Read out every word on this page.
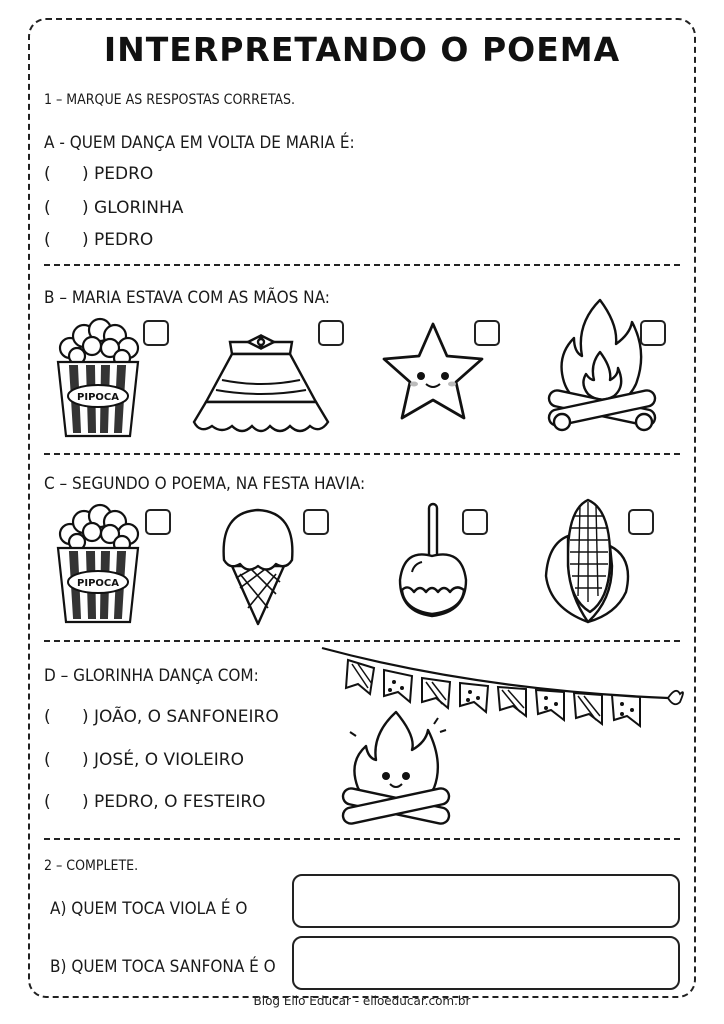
INTERPRETANDO O POEMA
1 – MARQUE AS RESPOSTAS CORRETAS.
A - QUEM DANÇA EM VOLTA DE MARIA É:
( ) PEDRO
( ) GLORINHA
( ) PEDRO
B – MARIA ESTAVA COM AS MÃOS NA:
PIPOCA
C – SEGUNDO O POEMA, NA FESTA HAVIA:
PIPOCA
D – GLORINHA DANÇA COM:
( ) JOÃO, O SANFONEIRO
( ) JOSÉ, O VIOLEIRO
( ) PEDRO, O FESTEIRO
2 – COMPLETE.
A) QUEM TOCA VIOLA É O
B) QUEM TOCA SANFONA É O
Blog Ello Educar - elloeducar.com.br
